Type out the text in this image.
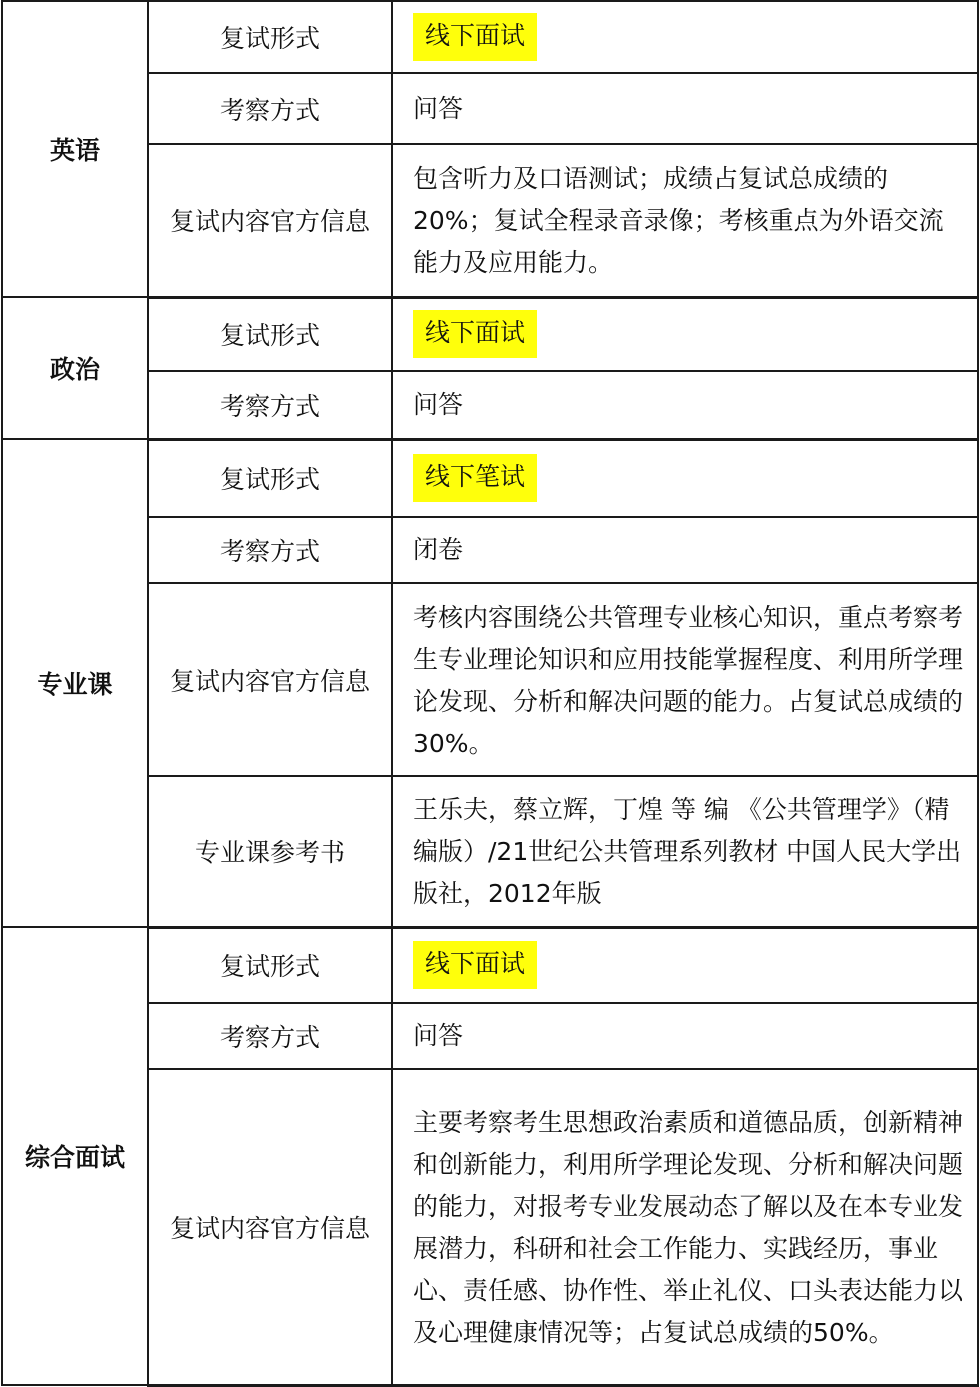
英语	复试形式	线下面试
	考察方式	问答
	复试内容官方信息	包含听力及口语测试；成绩占复试总成绩的20%；复试全程录音录像；考核重点为外语交流能力及应用能力。
政治	复试形式	线下面试
	考察方式	问答
专业课	复试形式	线下笔试
	考察方式	闭卷
	复试内容官方信息	考核内容围绕公共管理专业核心知识，重点考察考生专业理论知识和应用技能掌握程度、利用所学理论发现、分析和解决问题的能力。占复试总成绩的30%。
	专业课参考书	王乐夫，蔡立辉，丁煌 等 编 《公共管理学》（精编版）/21世纪公共管理系列教材 中国人民大学出版社，2012年版
综合面试	复试形式	线下面试
	考察方式	问答
	复试内容官方信息	主要考察考生思想政治素质和道德品质，创新精神和创新能力，利用所学理论发现、分析和解决问题的能力，对报考专业发展动态了解以及在本专业发展潜力，科研和社会工作能力、实践经历，事业心、责任感、协作性、举止礼仪、口头表达能力以及心理健康情况等；占复试总成绩的50%。
